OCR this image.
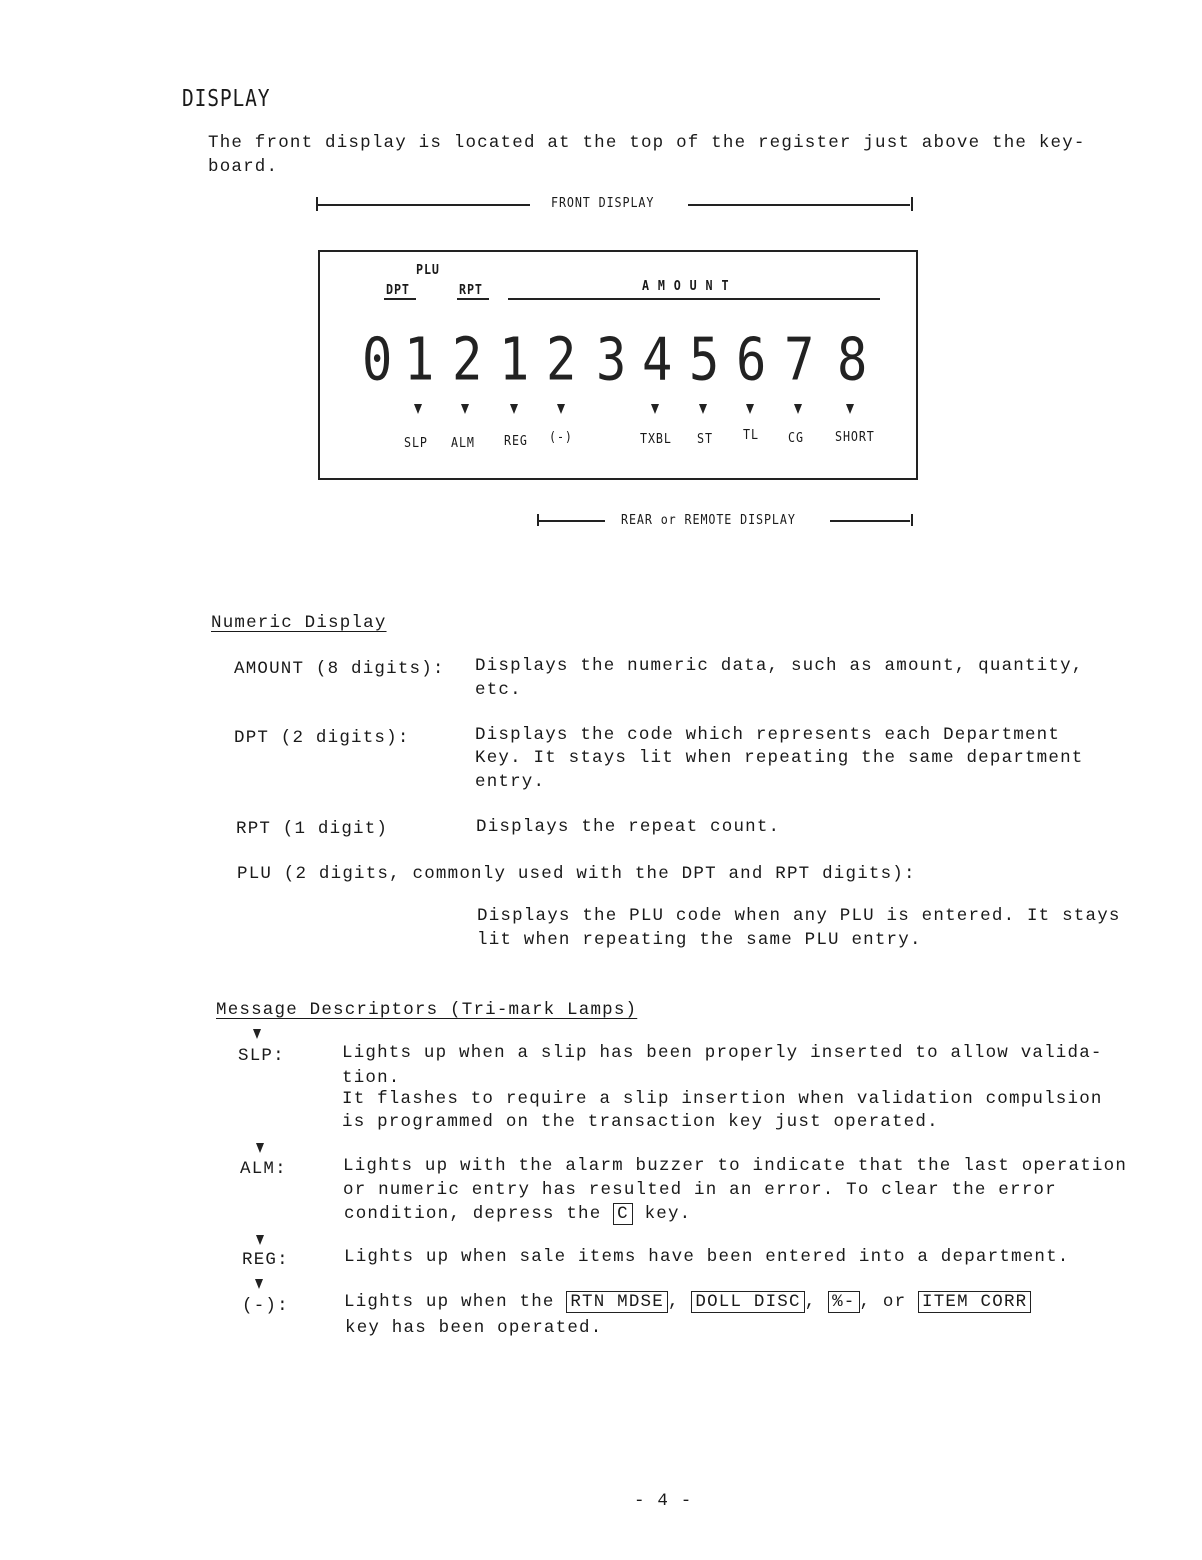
DISPLAY
The front display is located at the top of the register just above the key-
board.
FRONT DISPLAY
PLU
DPT	RPT	A M O U N T
0 1 2 1 2 3 4 5 6 7 8
SLP ALM REG (-)	TXBL ST TL CG SHORT
REAR or REMOTE DISPLAY
Numeric Display
AMOUNT (8 digits): Displays the numeric data, such as amount, quantity,
etc.
DPT (2 digits):	Displays the code which represents each Department
Key. It stays lit when repeating the same department
entry.
RPT (1 digit)	Displays the repeat count.
PLU (2 digits, commonly used with the DPT and RPT digits):
Displays the PLU code when any PLU is entered. It stays
lit when repeating the same PLU entry.
Message Descriptors (Tri-mark Lamps)
SLP:	Lights up when a slip has been properly inserted to allow valida-
tion.
It flashes to require a slip insertion when validation compulsion
is programmed on the transaction key just operated.
ALM:	Lights up with the alarm buzzer to indicate that the last operation
or numeric entry has resulted in an error. To clear the error
condition, depress the C key.
REG:	Lights up when sale items have been entered into a department.
(-):	Lights up when the RTN MDSE , DOLL DISC , %- , or ITEM CORR
key has been operated.
- 4 -
